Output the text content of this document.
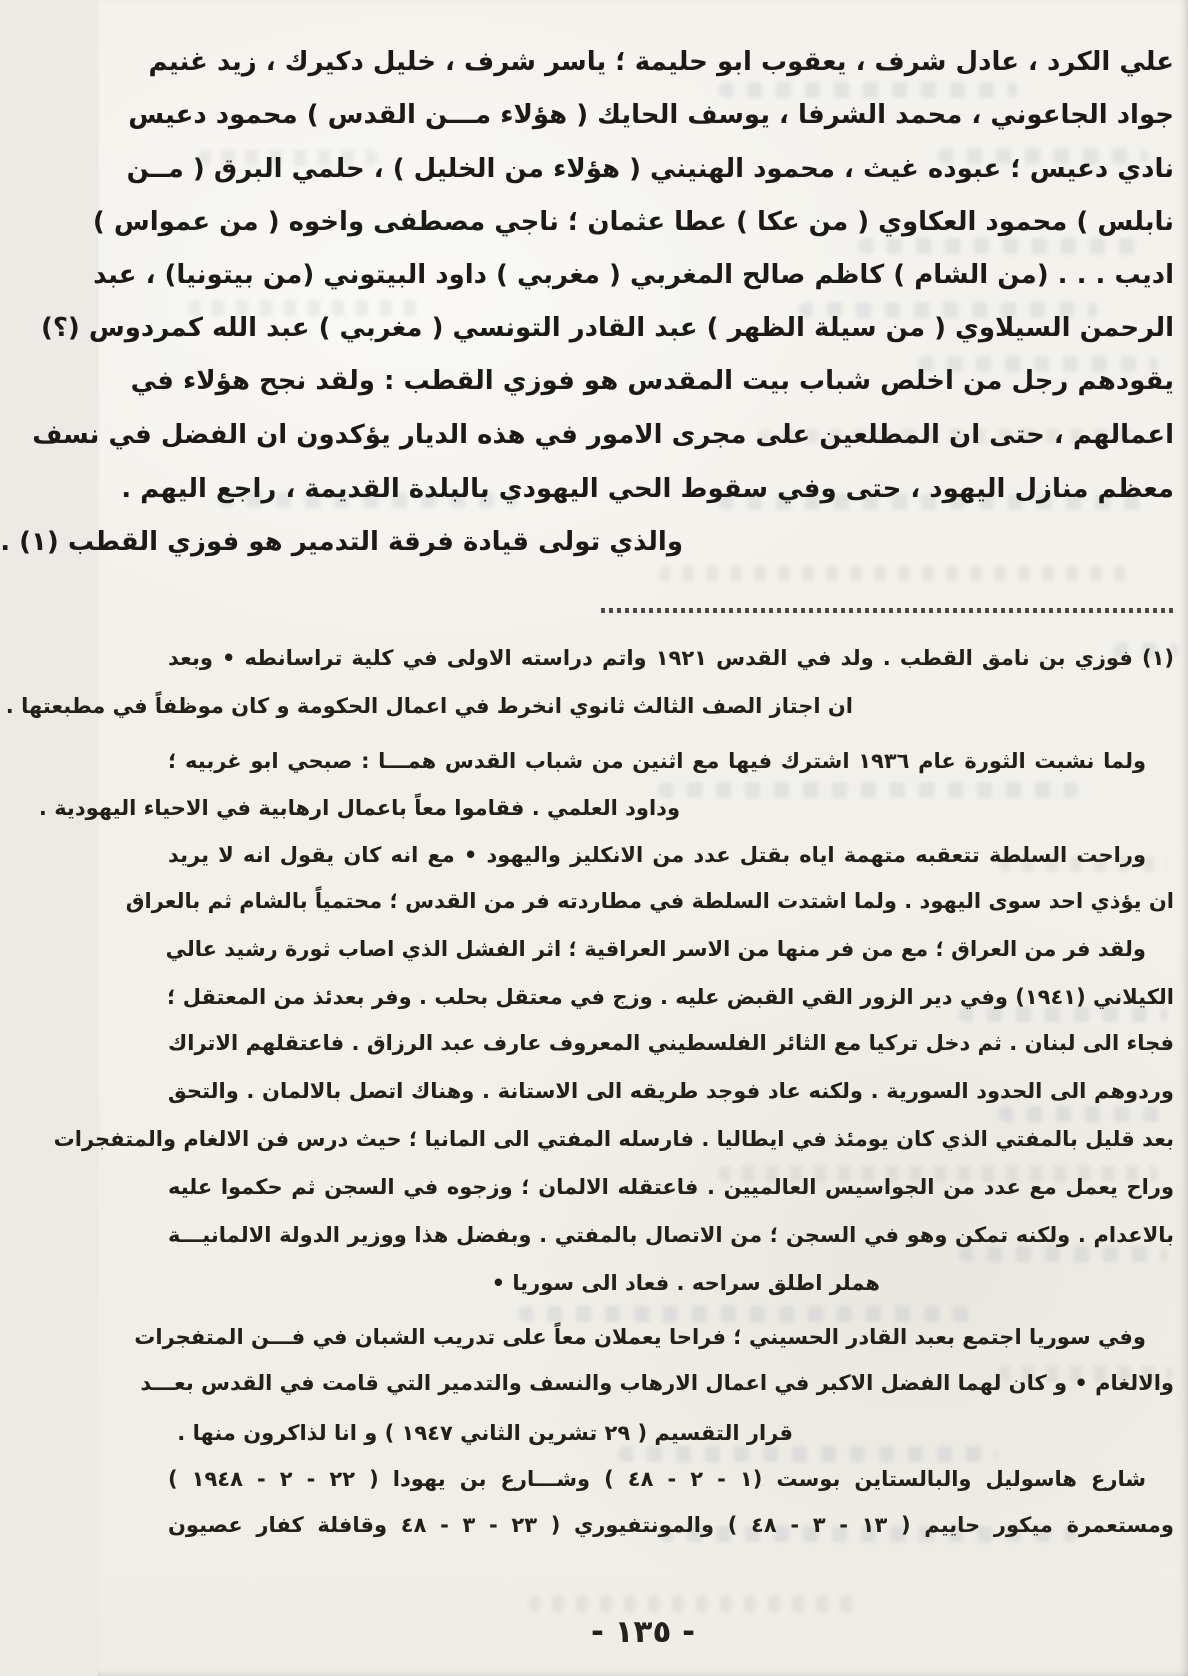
علي الكرد ، عادل شرف ، يعقوب ابو حليمة ؛ ياسر شرف ، خليل دكيرك ، زيد غنيم
جواد الجاعوني ، محمد الشرفا ، يوسف الحايك ( هؤلاء مـــن القدس ) محمود دعيس
نادي دعيس ؛ عبوده غيث ، محمود الهنيني ( هؤلاء من الخليل ) ، حلمي البرق ( مــن
نابلس ) محمود العكاوي ( من عكا ) عطا عثمان ؛ ناجي مصطفى واخوه ( من عمواس )
اديب . . . (من الشام ) كاظم صالح المغربي ( مغربي ) داود البيتوني (من بيتونيا) ، عبد
الرحمن السيلاوي ( من سيلة الظهر ) عبد القادر التونسي ( مغربي ) عبد الله كمردوس (؟)
يقودهم رجل من اخلص شباب بيت المقدس هو فوزي القطب : ولقد نجح هؤلاء في
اعمالهم ، حتى ان المطلعين على مجرى الامور في هذه الديار يؤكدون ان الفضل في نسف
معظم منازل اليهود ، حتى وفي سقوط الحي اليهودي بالبلدة القديمة ، راجع اليهم .
والذي تولى قيادة فرقة التدمير هو فوزي القطب (١) .
(١) فوزي بن نامق القطب . ولد في القدس ١٩٢١ واتم دراسته الاولى في كلية تراسانطه • وبعد
ان اجتاز الصف الثالث ثانوي انخرط في اعمال الحكومة و كان موظفاً في مطبعتها .
ولما نشبت الثورة عام ١٩٣٦ اشترك فيها مع اثنين من شباب القدس همـــا : صبحي ابو غربيه ؛
وداود العلمي . فقاموا معاً باعمال ارهابية في الاحياء اليهودية .
وراحت السلطة تتعقبه متهمة اياه بقتل عدد من الانكليز واليهود • مع انه كان يقول انه لا يريد
ان يؤذي احد سوى اليهود . ولما اشتدت السلطة في مطاردته فر من القدس ؛ محتمياً بالشام ثم بالعراق
ولقد فر من العراق ؛ مع من فر منها من الاسر العراقية ؛ اثر الفشل الذي اصاب ثورة رشيد عالي
الكيلاني (١٩٤١) وفي دير الزور القي القبض عليه . وزج في معتقل بحلب . وفر بعدئذ من المعتقل ؛
فجاء الى لبنان . ثم دخل تركيا مع الثائر الفلسطيني المعروف عارف عبد الرزاق . فاعتقلهم الاتراك
وردوهم الى الحدود السورية . ولكنه عاد فوجد طريقه الى الاستانة . وهناك اتصل بالالمان . والتحق
بعد قليل بالمفتي الذي كان يومئذ في ايطاليا . فارسله المفتي الى المانيا ؛ حيث درس فن الالغام والمتفجرات
وراح يعمل مع عدد من الجواسيس العالميين . فاعتقله الالمان ؛ وزجوه في السجن ثم حكموا عليه
بالاعدام . ولكنه تمكن وهو في السجن ؛ من الاتصال بالمفتي . وبفضل هذا ووزير الدولة الالمانيـــة
هملر اطلق سراحه . فعاد الى سوريا •
وفي سوريا اجتمع بعبد القادر الحسيني ؛ فراحا يعملان معاً على تدريب الشبان في فـــن المتفجرات
والالغام • و كان لهما الفضل الاكبر في اعمال الارهاب والنسف والتدمير التي قامت في القدس بعـــد
قرار التقسيم ( ٢٩ تشرين الثاني ١٩٤٧ ) و انا لذاكرون منها .
شارع هاسوليل والبالستاين بوست (١ - ٢ - ٤٨ ) وشـــارع بن يهودا ( ٢٢ - ٢ - ١٩٤٨ )
ومستعمرة ميكور حاييم ( ١٣ - ٣ - ٤٨ ) والمونتفيوري ( ٢٣ - ٣ - ٤٨ وقافلة كفار عصيون
- ١٣٥ -
